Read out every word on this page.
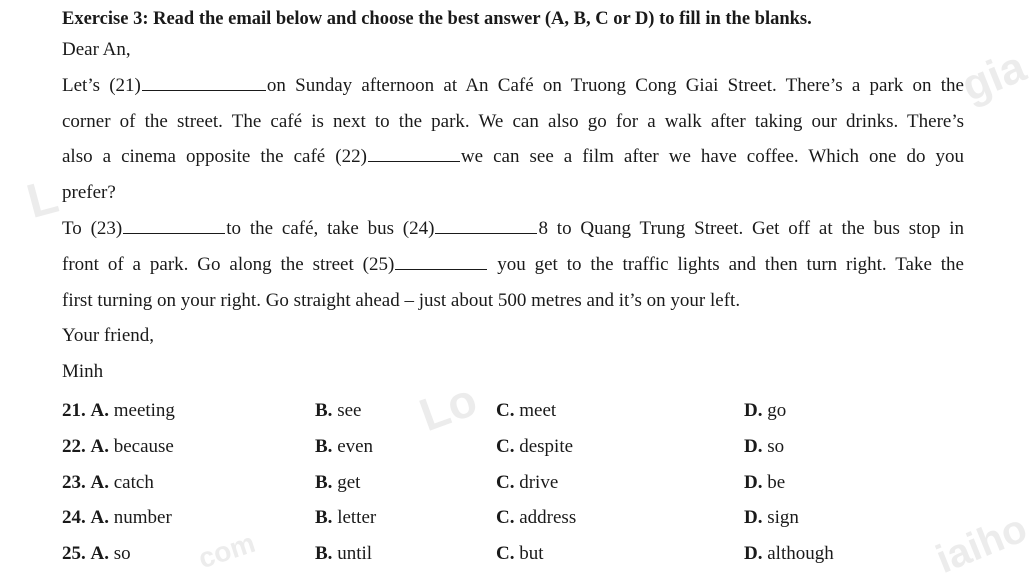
gia
L
Lo
com	iaiho
Exercise 3: Read the email below and choose the best answer (A, B, C or D) to fill in the blanks.
Dear An,
Let’s (21)	on Sunday afternoon at An Café on Truong Cong Giai Street. There’s a park on the
corner of the street. The café is next to the park. We can also go for a walk after taking our drinks. There’s
also a cinema opposite the café (22)	we can see a film after we have coffee. Which one do you
prefer?
To (23)	to the café, take bus (24)	8 to Quang Trung Street. Get off at the bus stop in
front of a park. Go along the street (25)	you get to the traffic lights and then turn right. Take the
first turning on your right. Go straight ahead – just about 500 metres and it’s on your left.
Your friend,
Minh
21. A. meeting	B. see	C. meet	D. go
22. A. because	B. even	C. despite	D. so
23. A. catch	B. get	C. drive	D. be
24. A. number	B. letter	C. address	D. sign
25. A. so	B. until	C. but	D. although
